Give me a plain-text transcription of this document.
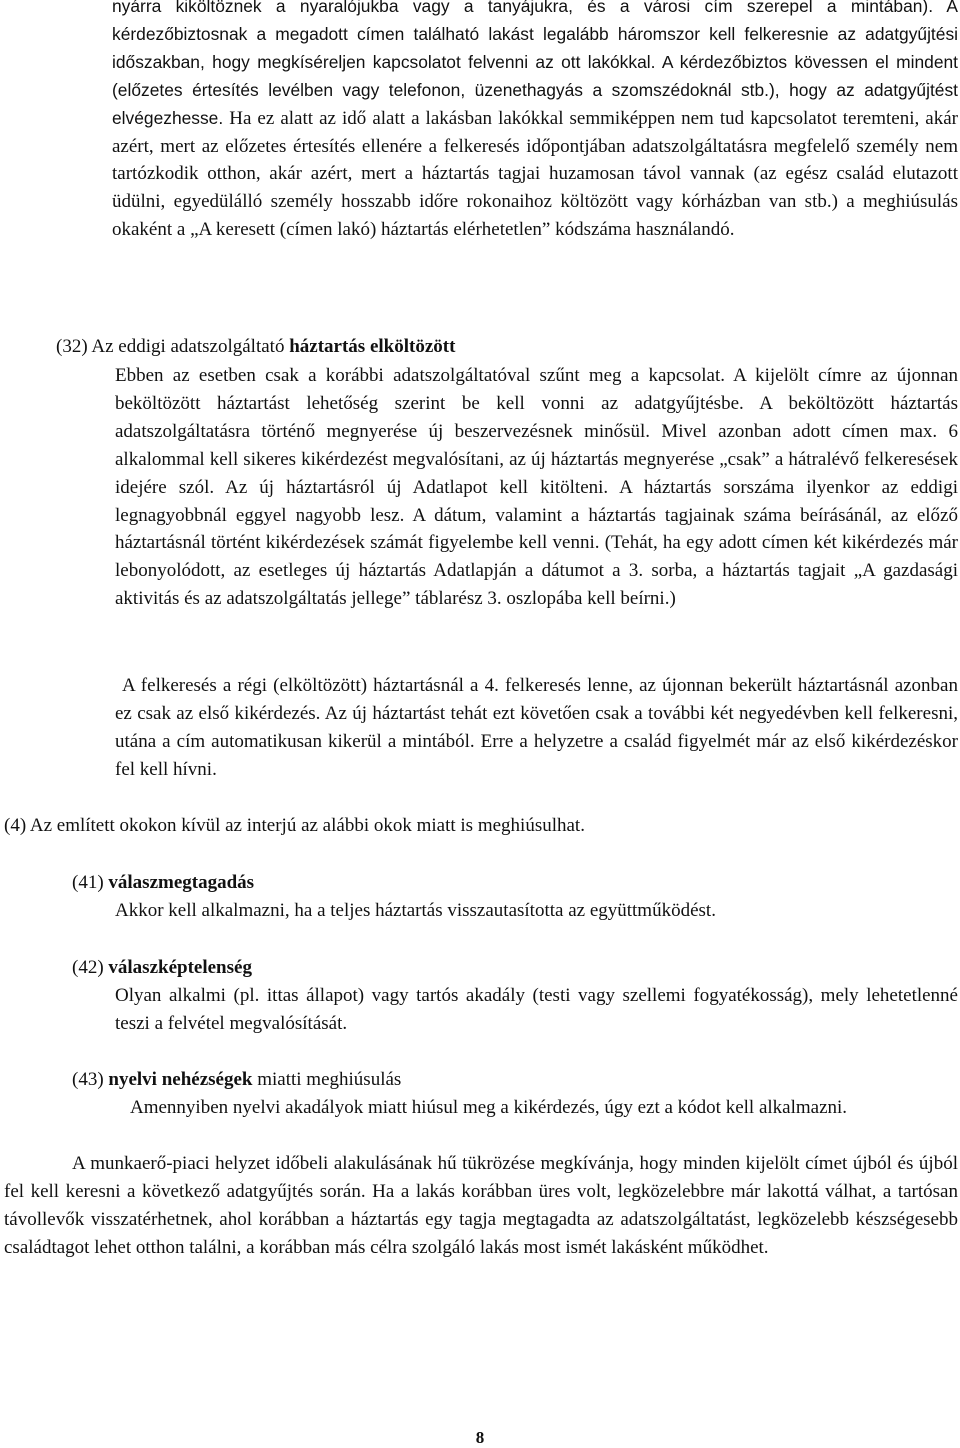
nyárra kiköltöznek a nyaralójukba vagy a tanyájukra, és a városi cím szerepel a mintában). A kérdezőbiztosnak a megadott címen található lakást legalább háromszor kell felkeresnie az adatgyűjtési időszakban, hogy megkíséreljen kapcsolatot felvenni az ott lakókkal. A kérdezőbiztos kövessen el mindent (előzetes értesítés levélben vagy telefonon, üzenethagyás a szomszédoknál stb.), hogy az adatgyűjtést elvégezhesse. Ha ez alatt az idő alatt a lakásban lakókkal semmiképpen nem tud kapcsolatot teremteni, akár azért, mert az előzetes értesítés ellenére a felkeresés időpontjában adatszolgáltatásra megfelelő személy nem tartózkodik otthon, akár azért, mert a háztartás tagjai huzamosan távol vannak (az egész család elutazott üdülni, egyedülálló személy hosszabb időre rokonaihoz költözött vagy kórházban van stb.) a meghiúsulás okaként a „A keresett (címen lakó) háztartás elérhetetlen” kódszáma használandó.

(32) Az eddigi adatszolgáltató háztartás elköltözött

Ebben az esetben csak a korábbi adatszolgáltatóval szűnt meg a kapcsolat. A kijelölt címre az újonnan beköltözött háztartást lehetőség szerint be kell vonni az adatgyűjtésbe. A beköltözött háztartás adatszolgáltatásra történő megnyerése új beszervezésnek minősül. Mivel azonban adott címen max. 6 alkalommal kell sikeres kikérdezést megvalósítani, az új háztartás megnyerése „csak” a hátralévő felkeresések idejére szól. Az új háztartásról új Adatlapot kell kitölteni. A háztartás sorszáma ilyenkor az eddigi legnagyobbnál eggyel nagyobb lesz. A dátum, valamint a háztartás tagjainak száma beírásánál, az előző háztartásnál történt kikérdezések számát figyelembe kell venni. (Tehát, ha egy adott címen két kikérdezés már lebonyolódott, az esetleges új háztartás Adatlapján a dátumot a 3. sorba, a háztartás tagjait „A gazdasági aktivitás és az adatszolgáltatás jellege” táblarész 3. oszlopába kell beírni.)

A felkeresés a régi (elköltözött) háztartásnál a 4. felkeresés lenne, az újonnan bekerült háztartásnál azonban ez csak az első kikérdezés. Az új háztartást tehát ezt követően csak a további két negyedévben kell felkeresni, utána a cím automatikusan kikerül a mintából. Erre a helyzetre a család figyelmét már az első kikérdezéskor fel kell hívni.

(4) Az említett okokon kívül az interjú az alábbi okok miatt is meghiúsulhat.

(41) válaszmegtagadás

Akkor kell alkalmazni, ha a teljes háztartás visszautasította az együttműködést.

(42) válaszképtelenség

Olyan alkalmi (pl. ittas állapot) vagy tartós akadály (testi vagy szellemi fogyatékosság), mely lehetetlenné teszi a felvétel megvalósítását.

(43) nyelvi nehézségek miatti meghiúsulás

Amennyiben nyelvi akadályok miatt hiúsul meg a kikérdezés, úgy ezt a kódot kell alkalmazni.

A munkaerő-piaci helyzet időbeli alakulásának hű tükrözése megkívánja, hogy minden kijelölt címet újból és újból fel kell keresni a következő adatgyűjtés során. Ha a lakás korábban üres volt, legközelebbre már lakottá válhat, a tartósan távollevők visszatérhetnek, ahol korábban a háztartás egy tagja megtagadta az adatszolgáltatást, legközelebb készségesebb családtagot lehet otthon találni, a korábban más célra szolgáló lakás most ismét lakásként működhet.

8
